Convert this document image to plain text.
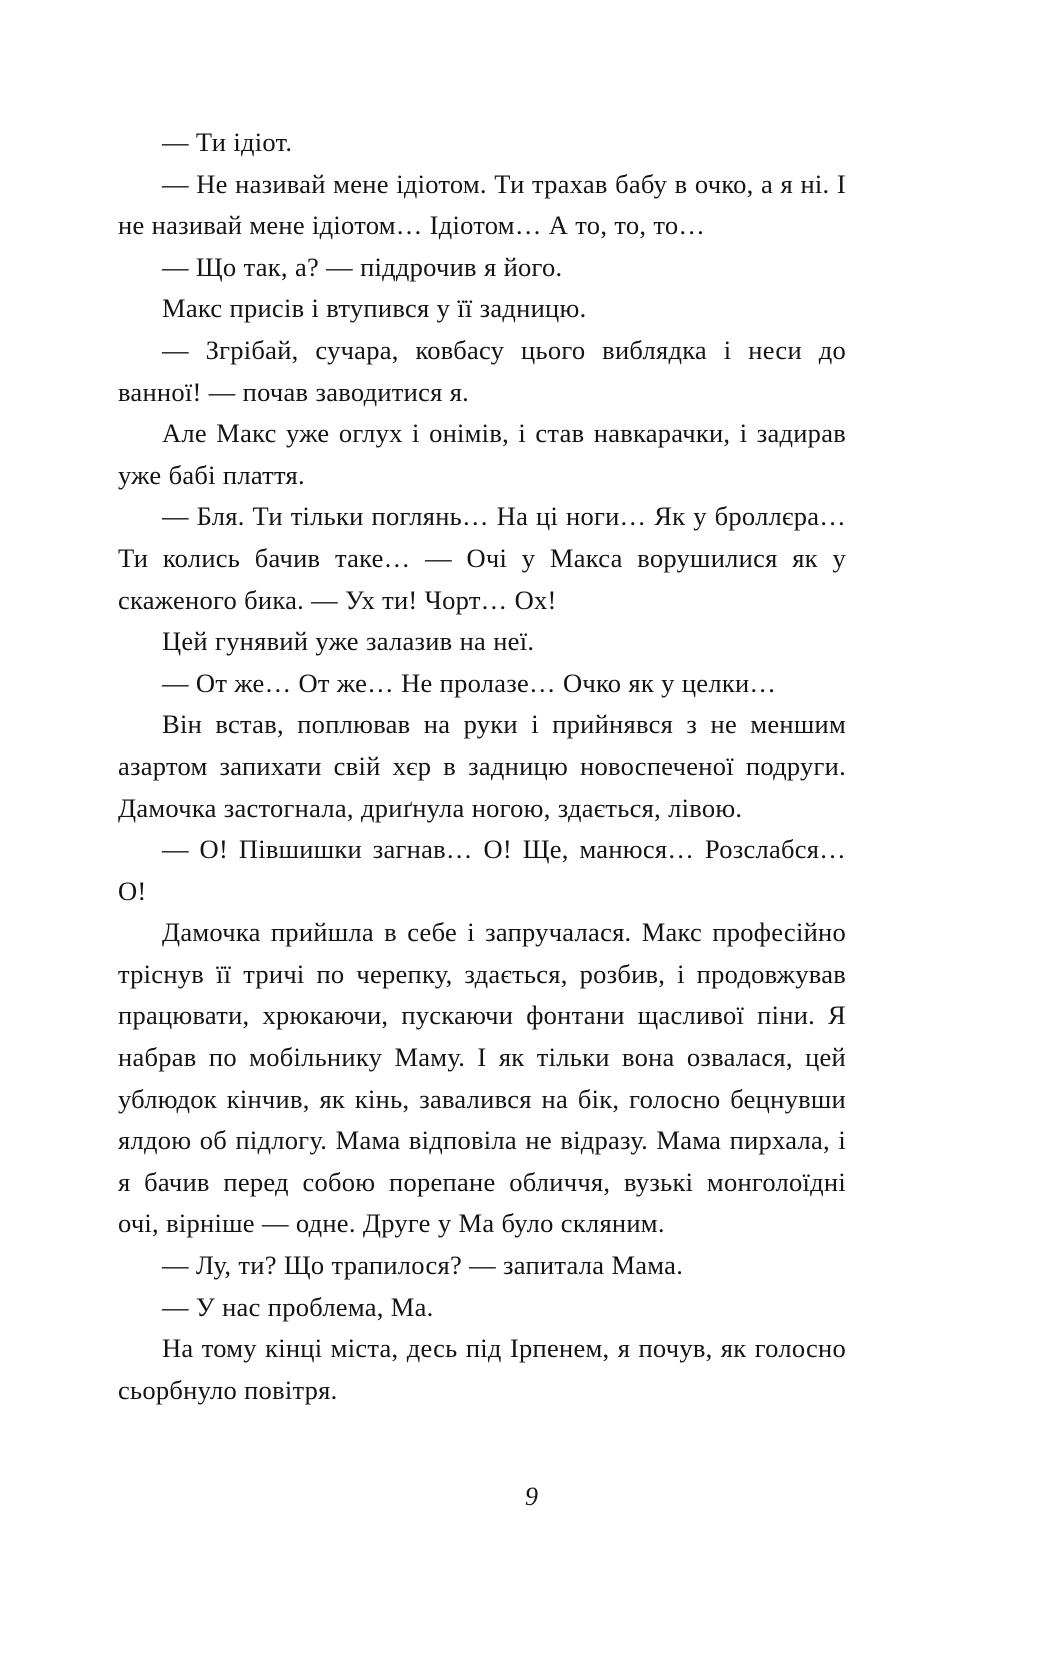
— Ти ідіот.

— Не називай мене ідіотом. Ти трахав бабу в очко, а я ні. І не називай мене ідіотом… Ідіотом… А то, то, то…

— Що так, а? — піддрочив я його.

Макс присів і втупився у її задницю.

— Згрібай, сучара, ковбасу цього виблядка і неси до ванної! — почав заводитися я.

Але Макс уже оглух і онімів, і став навкарачки, і задирав уже бабі плаття.

— Бля. Ти тільки поглянь… На ці ноги… Як у броллєра… Ти колись бачив таке… — Очі у Макса ворушилися як у скаженого бика. — Ух ти! Чорт… Ох!

Цей гунявий уже залазив на неї.

— От же… От же… Не пролазе… Очко як у целки…

Він встав, поплював на руки і прийнявся з не меншим азартом запихати свій хєр в задницю новоспеченої подруги. Дамочка застогнала, дриґнула ногою, здається, лівою.

— О! Півшишки загнав… О! Ще, манюся… Розслабся… О!

Дамочка прийшла в себе і запручалася. Макс професійно тріснув її тричі по черепку, здається, розбив, і продовжував працювати, хрюкаючи, пускаючи фонтани щасливої піни. Я набрав по мобільнику Маму. І як тільки вона озвалася, цей ублюдок кінчив, як кінь, завалився на бік, голосно бецнувши ялдою об підлогу. Мама відповіла не відразу. Мама пирхала, і я бачив перед собою порепане обличчя, вузькі монголоїдні очі, вірніше — одне. Друге у Ма було скляним.

— Лу, ти? Що трапилося? — запитала Мама.

— У нас проблема, Ма.

На тому кінці міста, десь під Ірпенем, я почув, як голосно сьорбнуло повітря.

9
